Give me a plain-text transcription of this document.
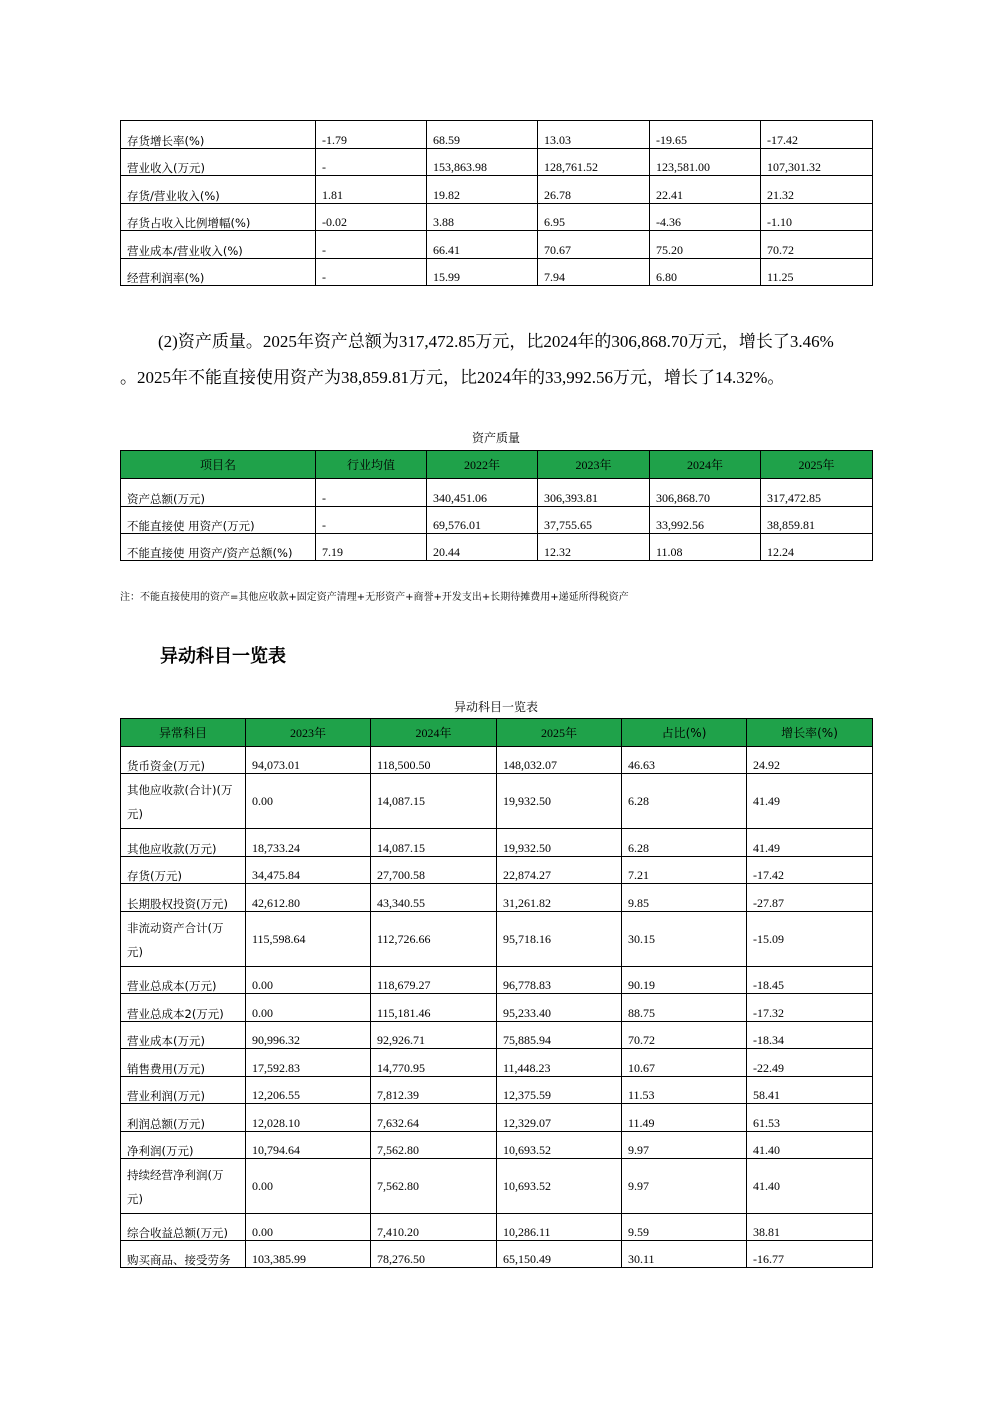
存货增长率(%)	-1.79	68.59	13.03	-19.65	-17.42
营业收入(万元)	-	153,863.98	128,761.52	123,581.00	107,301.32
存货/营业收入(%)	1.81	19.82	26.78	22.41	21.32
存货占收入比例增幅(%)	-0.02	3.88	6.95	-4.36	-1.10
营业成本/营业收入(%)	-	66.41	70.67	75.20	70.72
经营利润率(%)	-	15.99	7.94	6.80	11.25
(2)资产质量。2025年资产总额为317,472.85万元，比2024年的306,868.70万元，增长了3.46%
。2025年不能直接使用资产为38,859.81万元，比2024年的33,992.56万元，增长了14.32%。
资产质量
项目名	行业均值	2022年	2023年	2024年	2025年
资产总额(万元)	-	340,451.06	306,393.81	306,868.70	317,472.85
不能直接使 用资产(万元)	-	69,576.01	37,755.65	33,992.56	38,859.81
不能直接使 用资产/资产总额(%)	7.19	20.44	12.32	11.08	12.24
注：不能直接使用的资产=其他应收款+固定资产清理+无形资产+商誉+开发支出+长期待摊费用+递延所得税资产
异动科目一览表
异动科目一览表
异常科目	2023年	2024年	2025年	占比(%)	增长率(%)
货币资金(万元)	94,073.01	118,500.50	148,032.07	46.63	24.92
其他应收款(合计)(万元)	0.00	14,087.15	19,932.50	6.28	41.49
其他应收款(万元)	18,733.24	14,087.15	19,932.50	6.28	41.49
存货(万元)	34,475.84	27,700.58	22,874.27	7.21	-17.42
长期股权投资(万元)	42,612.80	43,340.55	31,261.82	9.85	-27.87
非流动资产合计(万元)	115,598.64	112,726.66	95,718.16	30.15	-15.09
营业总成本(万元)	0.00	118,679.27	96,778.83	90.19	-18.45
营业总成本2(万元)	0.00	115,181.46	95,233.40	88.75	-17.32
营业成本(万元)	90,996.32	92,926.71	75,885.94	70.72	-18.34
销售费用(万元)	17,592.83	14,770.95	11,448.23	10.67	-22.49
营业利润(万元)	12,206.55	7,812.39	12,375.59	11.53	58.41
利润总额(万元)	12,028.10	7,632.64	12,329.07	11.49	61.53
净利润(万元)	10,794.64	7,562.80	10,693.52	9.97	41.40
持续经营净利润(万元)	0.00	7,562.80	10,693.52	9.97	41.40
综合收益总额(万元)	0.00	7,410.20	10,286.11	9.59	38.81
购买商品、接受劳务	103,385.99	78,276.50	65,150.49	30.11	-16.77
